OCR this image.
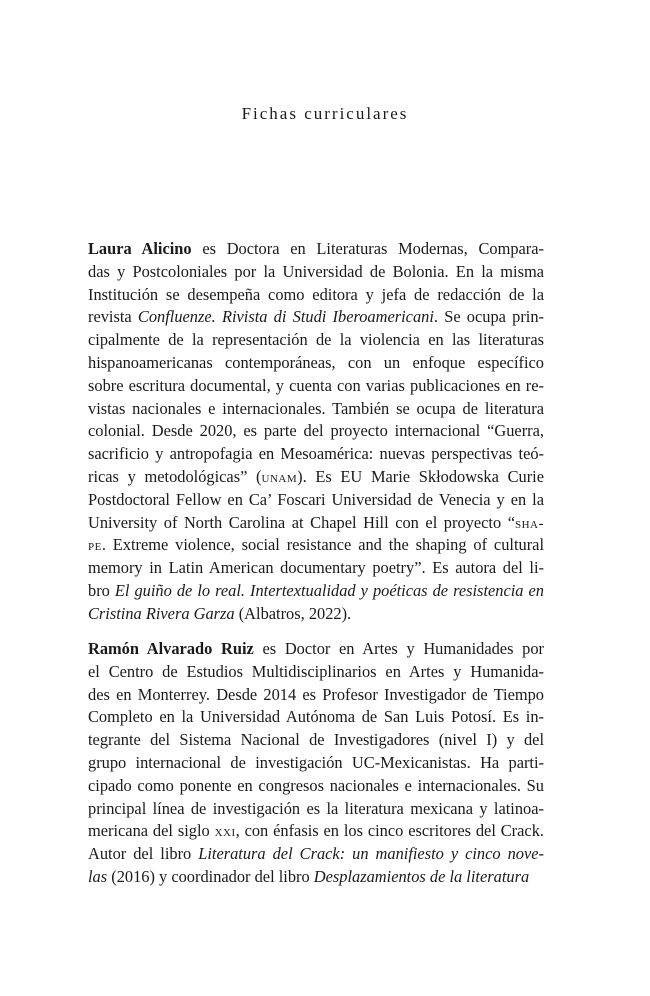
Fichas curriculares

Laura Alicino es Doctora en Literaturas Modernas, Compara-
das y Postcoloniales por la Universidad de Bolonia. En la misma
Institución se desempeña como editora y jefa de redacción de la
revista Confluenze. Rivista di Studi Iberoamericani. Se ocupa prin-
cipalmente de la representación de la violencia en las literaturas
hispanoamericanas contemporáneas, con un enfoque específico
sobre escritura documental, y cuenta con varias publicaciones en re-
vistas nacionales e internacionales. También se ocupa de literatura
colonial. Desde 2020, es parte del proyecto internacional “Guerra,
sacrificio y antropofagia en Mesoamérica: nuevas perspectivas teó-
ricas y metodológicas” (unam). Es EU Marie Skłodowska Curie
Postdoctoral Fellow en Ca’ Foscari Universidad de Venecia y en la
University of North Carolina at Chapel Hill con el proyecto “sha-
pe. Extreme violence, social resistance and the shaping of cultural
memory in Latin American documentary poetry”. Es autora del li-
bro El guiño de lo real. Intertextualidad y poéticas de resistencia en
Cristina Rivera Garza (Albatros, 2022).

Ramón Alvarado Ruiz es Doctor en Artes y Humanidades por
el Centro de Estudios Multidisciplinarios en Artes y Humanida-
des en Monterrey. Desde 2014 es Profesor Investigador de Tiempo
Completo en la Universidad Autónoma de San Luis Potosí. Es in-
tegrante del Sistema Nacional de Investigadores (nivel I) y del
grupo internacional de investigación UC-Mexicanistas. Ha parti-
cipado como ponente en congresos nacionales e internacionales. Su
principal línea de investigación es la literatura mexicana y latinoa-
mericana del siglo xxi, con énfasis en los cinco escritores del Crack.
Autor del libro Literatura del Crack: un manifiesto y cinco nove-
las (2016) y coordinador del libro Desplazamientos de la literatura
